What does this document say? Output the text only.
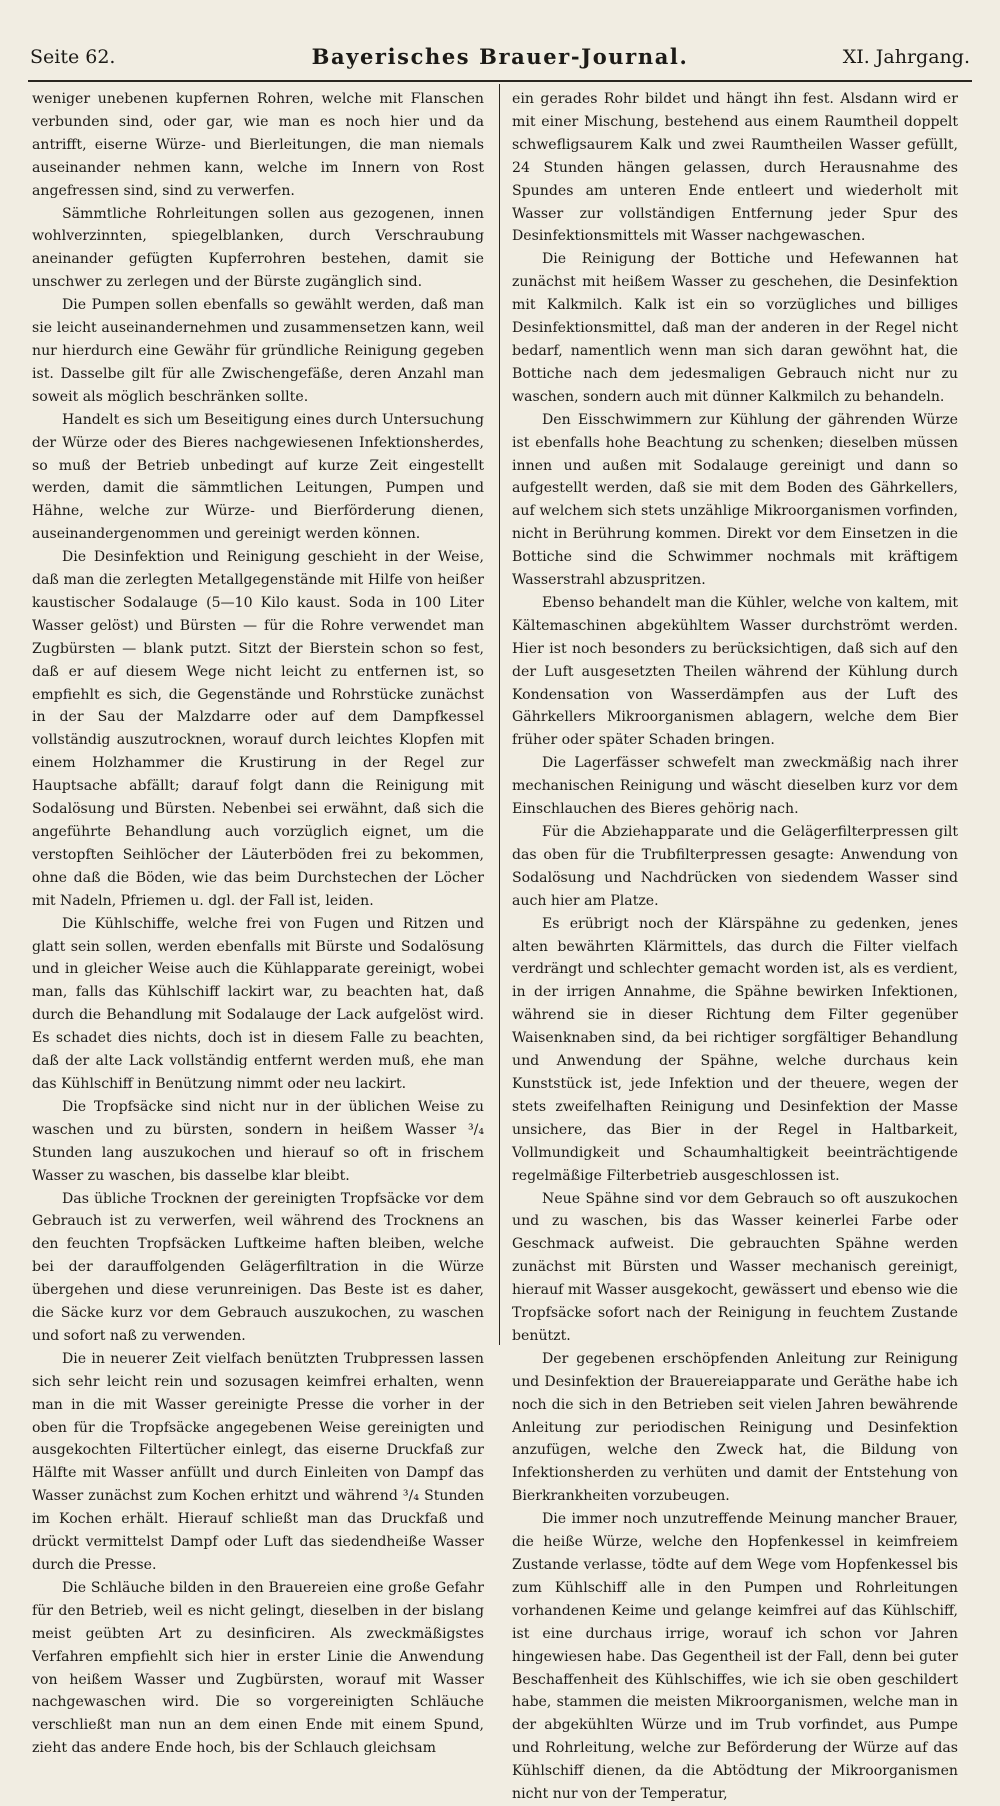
Seite 62.	Bayerisches Brauer-Journal.	XI. Jahrgang.

weniger unebenen kupfernen Rohren, welche mit Flanschen verbunden sind, oder gar, wie man es noch hier und da antrifft, eiserne Würze- und Bierleitungen, die man niemals auseinander nehmen kann, welche im Innern von Rost angefressen sind, sind zu verwerfen.

Sämmtliche Rohrleitungen sollen aus gezogenen, innen wohlverzinnten, spiegelblanken, durch Verschraubung aneinander gefügten Kupferrohren bestehen, damit sie unschwer zu zerlegen und der Bürste zugänglich sind.

Die Pumpen sollen ebenfalls so gewählt werden, daß man sie leicht auseinandernehmen und zusammensetzen kann, weil nur hierdurch eine Gewähr für gründliche Reinigung gegeben ist. Dasselbe gilt für alle Zwischengefäße, deren Anzahl man soweit als möglich beschränken sollte.

Handelt es sich um Beseitigung eines durch Untersuchung der Würze oder des Bieres nachgewiesenen Infektionsherdes, so muß der Betrieb unbedingt auf kurze Zeit eingestellt werden, damit die sämmtlichen Leitungen, Pumpen und Hähne, welche zur Würze- und Bierförderung dienen, auseinandergenommen und gereinigt werden können.

Die Desinfektion und Reinigung geschieht in der Weise, daß man die zerlegten Metallgegenstände mit Hilfe von heißer kaustischer Sodalauge (5—10 Kilo kaust. Soda in 100 Liter Wasser gelöst) und Bürsten — für die Rohre verwendet man Zugbürsten — blank putzt. Sitzt der Bierstein schon so fest, daß er auf diesem Wege nicht leicht zu entfernen ist, so empfiehlt es sich, die Gegenstände und Rohrstücke zunächst in der Sau der Malzdarre oder auf dem Dampfkessel vollständig auszutrocknen, worauf durch leichtes Klopfen mit einem Holzhammer die Krustirung in der Regel zur Hauptsache abfällt; darauf folgt dann die Reinigung mit Sodalösung und Bürsten. Nebenbei sei erwähnt, daß sich die angeführte Behandlung auch vorzüglich eignet, um die verstopften Seihlöcher der Läuterböden frei zu bekommen, ohne daß die Böden, wie das beim Durchstechen der Löcher mit Nadeln, Pfriemen u. dgl. der Fall ist, leiden.

Die Kühlschiffe, welche frei von Fugen und Ritzen und glatt sein sollen, werden ebenfalls mit Bürste und Sodalösung und in gleicher Weise auch die Kühlapparate gereinigt, wobei man, falls das Kühlschiff lackirt war, zu beachten hat, daß durch die Behandlung mit Sodalauge der Lack aufgelöst wird. Es schadet dies nichts, doch ist in diesem Falle zu beachten, daß der alte Lack vollständig entfernt werden muß, ehe man das Kühlschiff in Benützung nimmt oder neu lackirt.

Die Tropfsäcke sind nicht nur in der üblichen Weise zu waschen und zu bürsten, sondern in heißem Wasser ³/₄ Stunden lang auszukochen und hierauf so oft in frischem Wasser zu waschen, bis dasselbe klar bleibt.

Das übliche Trocknen der gereinigten Tropfsäcke vor dem Gebrauch ist zu verwerfen, weil während des Trocknens an den feuchten Tropfsäcken Luftkeime haften bleiben, welche bei der darauffolgenden Gelägerfiltration in die Würze übergehen und diese verunreinigen. Das Beste ist es daher, die Säcke kurz vor dem Gebrauch auszukochen, zu waschen und sofort naß zu verwenden.

Die in neuerer Zeit vielfach benützten Trubpressen lassen sich sehr leicht rein und sozusagen keimfrei erhalten, wenn man in die mit Wasser gereinigte Presse die vorher in der oben für die Tropfsäcke angegebenen Weise gereinigten und ausgekochten Filtertücher einlegt, das eiserne Druckfaß zur Hälfte mit Wasser anfüllt und durch Einleiten von Dampf das Wasser zunächst zum Kochen erhitzt und während ³/₄ Stunden im Kochen erhält. Hierauf schließt man das Druckfaß und drückt vermittelst Dampf oder Luft das siedendheiße Wasser durch die Presse.

Die Schläuche bilden in den Brauereien eine große Gefahr für den Betrieb, weil es nicht gelingt, dieselben in der bislang meist geübten Art zu desinficiren. Als zweckmäßigstes Verfahren empfiehlt sich hier in erster Linie die Anwendung von heißem Wasser und Zugbürsten, worauf mit Wasser nachgewaschen wird. Die so vorgereinigten Schläuche verschließt man nun an dem einen Ende mit einem Spund, zieht das andere Ende hoch, bis der Schlauch gleichsam

ein gerades Rohr bildet und hängt ihn fest. Alsdann wird er mit einer Mischung, bestehend aus einem Raumtheil doppelt schwefligsaurem Kalk und zwei Raumtheilen Wasser gefüllt, 24 Stunden hängen gelassen, durch Herausnahme des Spundes am unteren Ende entleert und wiederholt mit Wasser zur vollständigen Entfernung jeder Spur des Desinfektionsmittels mit Wasser nachgewaschen.

Die Reinigung der Bottiche und Hefewannen hat zunächst mit heißem Wasser zu geschehen, die Desinfektion mit Kalkmilch. Kalk ist ein so vorzügliches und billiges Desinfektionsmittel, daß man der anderen in der Regel nicht bedarf, namentlich wenn man sich daran gewöhnt hat, die Bottiche nach dem jedesmaligen Gebrauch nicht nur zu waschen, sondern auch mit dünner Kalkmilch zu behandeln.

Den Eisschwimmern zur Kühlung der gährenden Würze ist ebenfalls hohe Beachtung zu schenken; dieselben müssen innen und außen mit Sodalauge gereinigt und dann so aufgestellt werden, daß sie mit dem Boden des Gährkellers, auf welchem sich stets unzählige Mikroorganismen vorfinden, nicht in Berührung kommen. Direkt vor dem Einsetzen in die Bottiche sind die Schwimmer nochmals mit kräftigem Wasserstrahl abzuspritzen.

Ebenso behandelt man die Kühler, welche von kaltem, mit Kältemaschinen abgekühltem Wasser durchströmt werden. Hier ist noch besonders zu berücksichtigen, daß sich auf den der Luft ausgesetzten Theilen während der Kühlung durch Kondensation von Wasserdämpfen aus der Luft des Gährkellers Mikroorganismen ablagern, welche dem Bier früher oder später Schaden bringen.

Die Lagerfässer schwefelt man zweckmäßig nach ihrer mechanischen Reinigung und wäscht dieselben kurz vor dem Einschlauchen des Bieres gehörig nach.

Für die Abziehapparate und die Gelägerfilterpressen gilt das oben für die Trubfilterpressen gesagte: Anwendung von Sodalösung und Nachdrücken von siedendem Wasser sind auch hier am Platze.

Es erübrigt noch der Klärspähne zu gedenken, jenes alten bewährten Klärmittels, das durch die Filter vielfach verdrängt und schlechter gemacht worden ist, als es verdient, in der irrigen Annahme, die Spähne bewirken Infektionen, während sie in dieser Richtung dem Filter gegenüber Waisenknaben sind, da bei richtiger sorgfältiger Behandlung und Anwendung der Spähne, welche durchaus kein Kunststück ist, jede Infektion und der theuere, wegen der stets zweifelhaften Reinigung und Desinfektion der Masse unsichere, das Bier in der Regel in Haltbarkeit, Vollmundigkeit und Schaumhaltigkeit beeinträchtigende regelmäßige Filterbetrieb ausgeschlossen ist.

Neue Spähne sind vor dem Gebrauch so oft auszukochen und zu waschen, bis das Wasser keinerlei Farbe oder Geschmack aufweist. Die gebrauchten Spähne werden zunächst mit Bürsten und Wasser mechanisch gereinigt, hierauf mit Wasser ausgekocht, gewässert und ebenso wie die Tropfsäcke sofort nach der Reinigung in feuchtem Zustande benützt.

Der gegebenen erschöpfenden Anleitung zur Reinigung und Desinfektion der Brauereiapparate und Geräthe habe ich noch die sich in den Betrieben seit vielen Jahren bewährende Anleitung zur periodischen Reinigung und Desinfektion anzufügen, welche den Zweck hat, die Bildung von Infektionsherden zu verhüten und damit der Entstehung von Bierkrankheiten vorzubeugen.

Die immer noch unzutreffende Meinung mancher Brauer, die heiße Würze, welche den Hopfenkessel in keimfreiem Zustande verlasse, tödte auf dem Wege vom Hopfenkessel bis zum Kühlschiff alle in den Pumpen und Rohrleitungen vorhandenen Keime und gelange keimfrei auf das Kühlschiff, ist eine durchaus irrige, worauf ich schon vor Jahren hingewiesen habe. Das Gegentheil ist der Fall, denn bei guter Beschaffenheit des Kühlschiffes, wie ich sie oben geschildert habe, stammen die meisten Mikroorganismen, welche man in der abgekühlten Würze und im Trub vorfindet, aus Pumpe und Rohrleitung, welche zur Beförderung der Würze auf das Kühlschiff dienen, da die Abtödtung der Mikroorganismen nicht nur von der Temperatur,
